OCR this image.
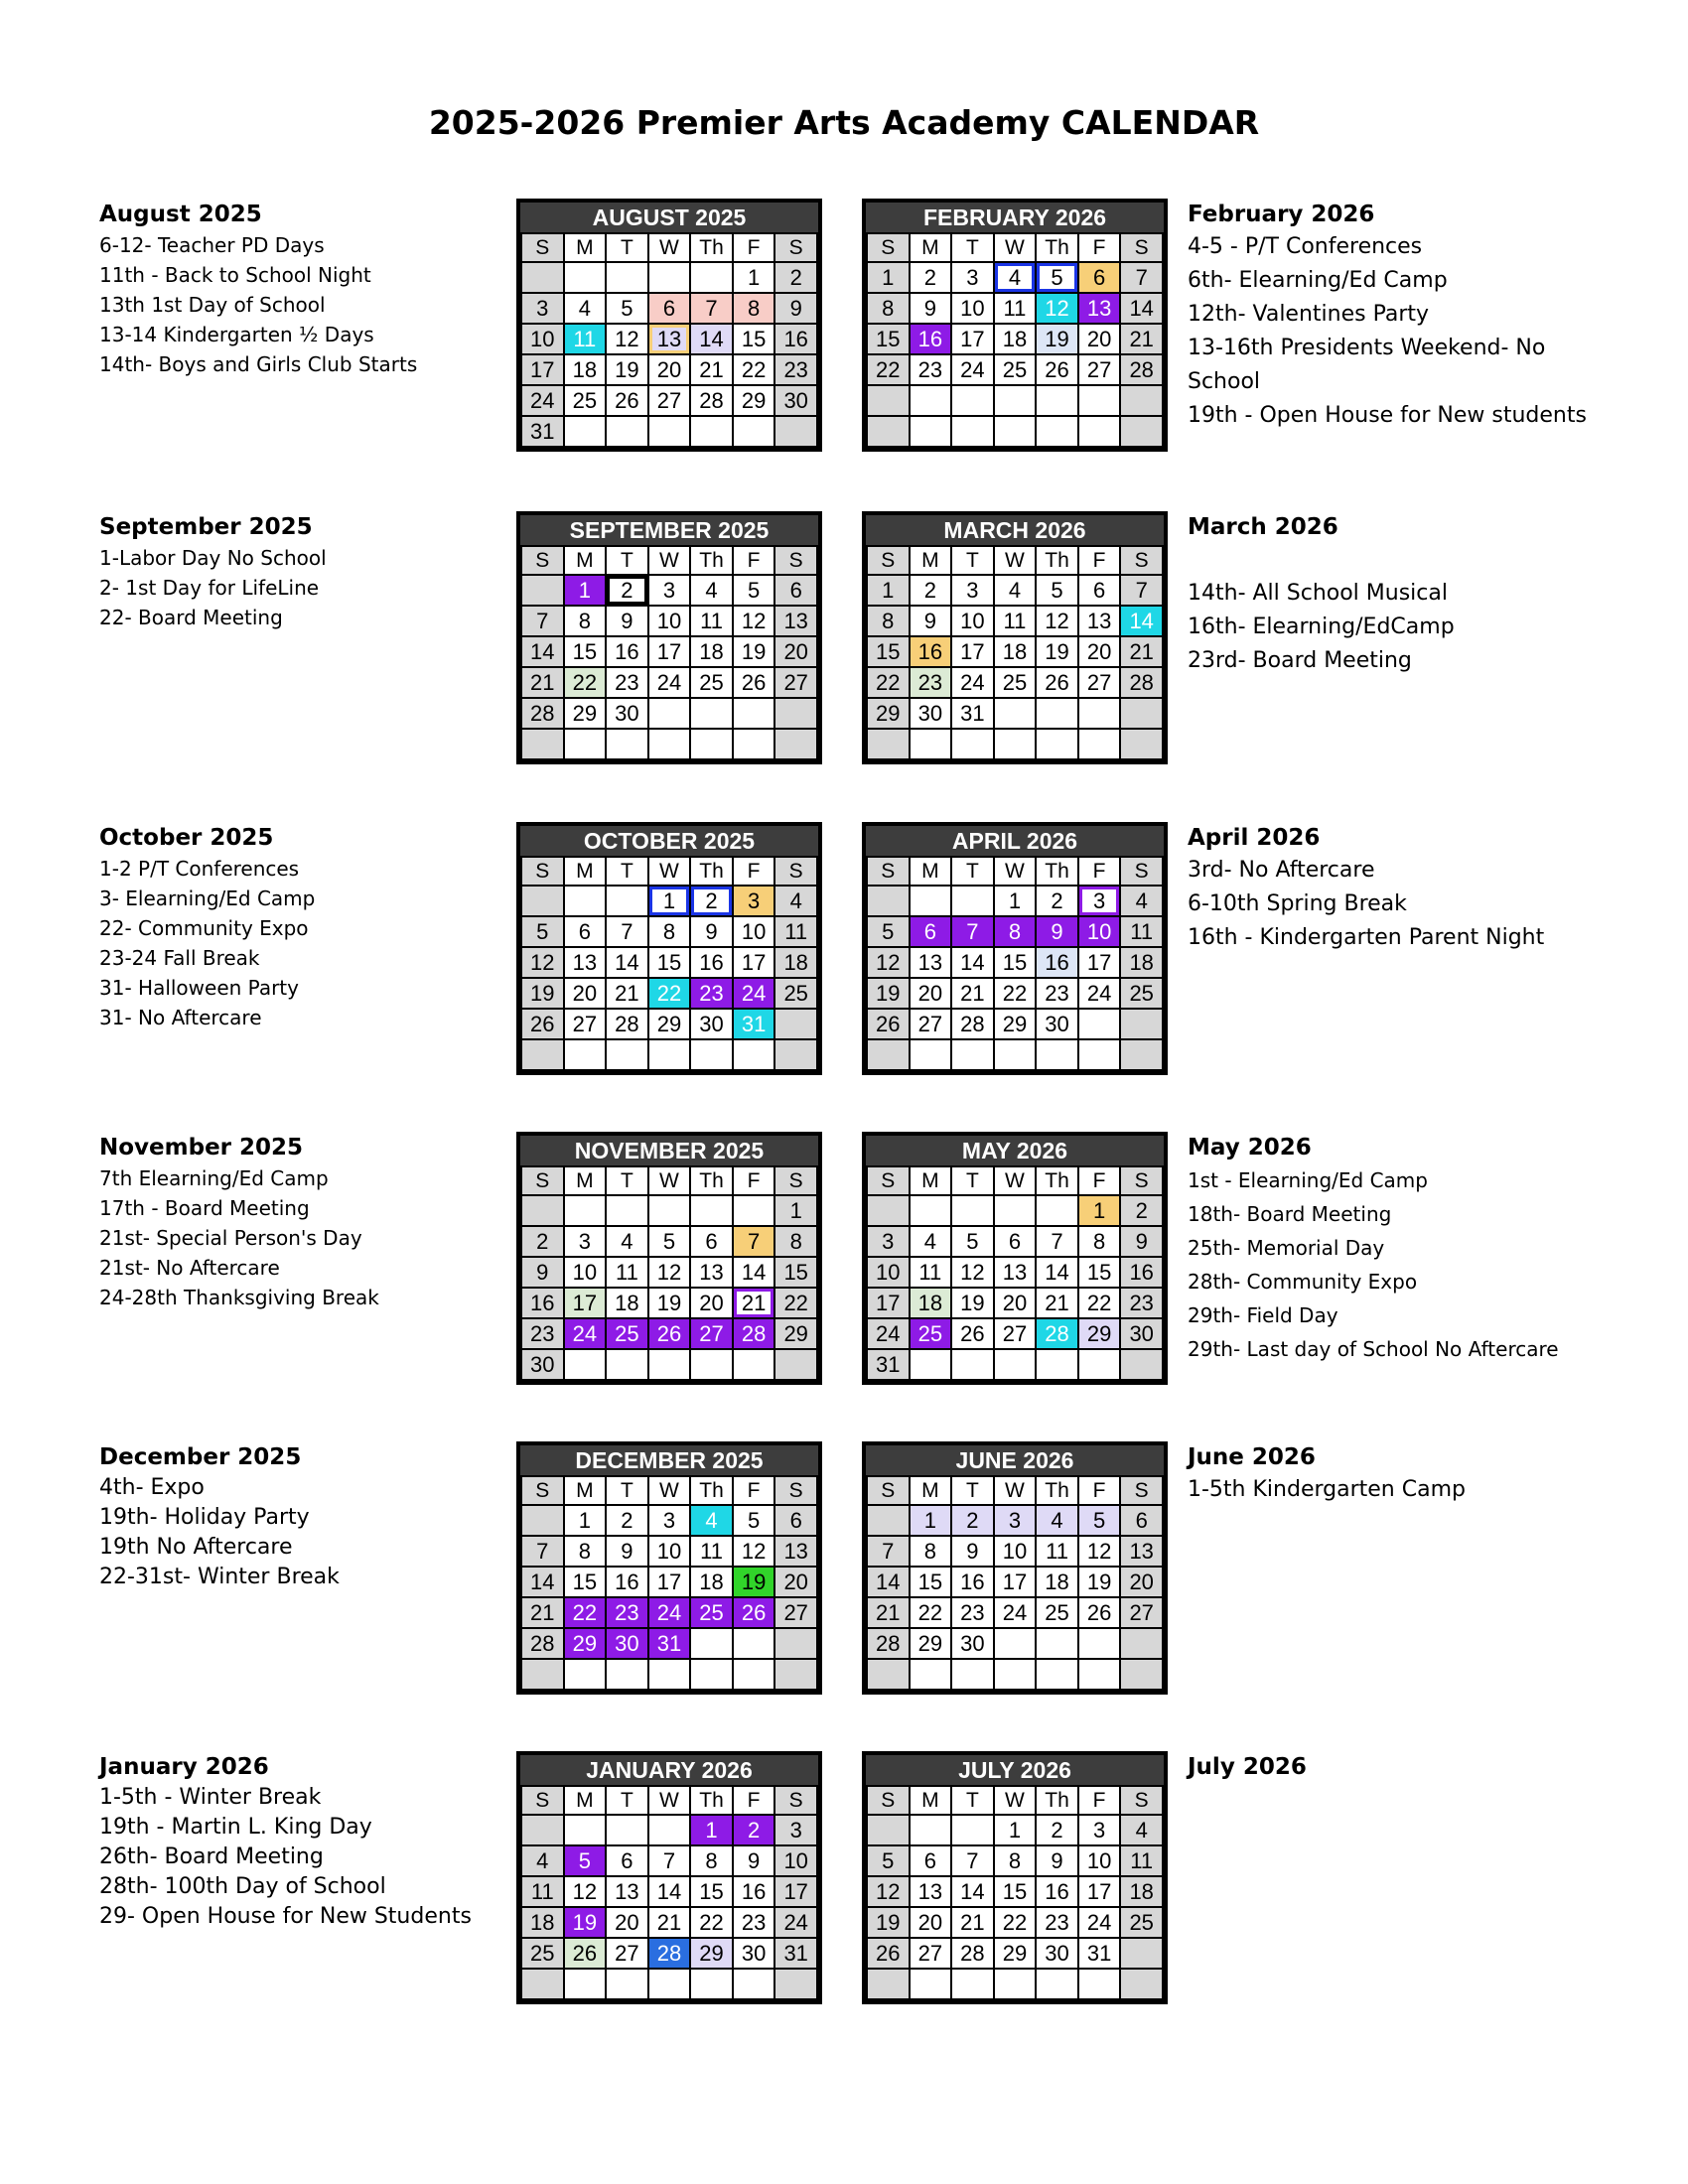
2025-2026 Premier Arts Academy CALENDAR
August 2025
6-12- Teacher PD Days
11th - Back to School Night
13th 1st Day of School
13-14 Kindergarten ½ Days
14th- Boys and Girls Club Starts
September 2025
1-Labor Day No School
2- 1st Day for LifeLine
22- Board Meeting
October 2025
1-2 P/T Conferences
3- Elearning/Ed Camp
22- Community Expo
23-24 Fall Break
31- Halloween Party
31- No Aftercare
November 2025
7th Elearning/Ed Camp
17th - Board Meeting
21st- Special Person's Day
21st- No Aftercare
24-28th Thanksgiving Break
December 2025
4th- Expo
19th- Holiday Party
19th No Aftercare
22-31st- Winter Break
January 2026
1-5th - Winter Break
19th - Martin L. King Day
26th- Board Meeting
28th- 100th Day of School
29- Open House for New Students
February 2026
4-5 - P/T Conferences
6th- Elearning/Ed Camp
12th- Valentines Party
13-16th Presidents Weekend- No School
19th - Open House for New students
March 2026

14th- All School Musical
16th- Elearning/EdCamp
23rd- Board Meeting
April 2026
3rd- No Aftercare
6-10th Spring Break
16th - Kindergarten Parent Night
May 2026
1st - Elearning/Ed Camp
18th- Board Meeting
25th- Memorial Day
28th- Community Expo
29th- Field Day
29th- Last day of School No Aftercare
June 2026
1-5th Kindergarten Camp
July 2026
AUGUST 2025
S	M	T	W	Th	F	S
					1	2
3	4	5	6	7	8	9
10	11	12	13	14	15	16
17	18	19	20	21	22	23
24	25	26	27	28	29	30
31						
FEBRUARY 2026
S	M	T	W	Th	F	S
1	2	3	4	5	6	7
8	9	10	11	12	13	14
15	16	17	18	19	20	21
22	23	24	25	26	27	28

SEPTEMBER 2025
S	M	T	W	Th	F	S
	1	2	3	4	5	6
7	8	9	10	11	12	13
14	15	16	17	18	19	20
21	22	23	24	25	26	27
28	29	30				

MARCH 2026
S	M	T	W	Th	F	S
1	2	3	4	5	6	7
8	9	10	11	12	13	14
15	16	17	18	19	20	21
22	23	24	25	26	27	28
29	30	31				

OCTOBER 2025
S	M	T	W	Th	F	S
			1	2	3	4
5	6	7	8	9	10	11
12	13	14	15	16	17	18
19	20	21	22	23	24	25
26	27	28	29	30	31	

APRIL 2026
S	M	T	W	Th	F	S
			1	2	3	4
5	6	7	8	9	10	11
12	13	14	15	16	17	18
19	20	21	22	23	24	25
26	27	28	29	30		

NOVEMBER 2025
S	M	T	W	Th	F	S
						1
2	3	4	5	6	7	8
9	10	11	12	13	14	15
16	17	18	19	20	21	22
23	24	25	26	27	28	29
30						
MAY 2026
S	M	T	W	Th	F	S
					1	2
3	4	5	6	7	8	9
10	11	12	13	14	15	16
17	18	19	20	21	22	23
24	25	26	27	28	29	30
31						
DECEMBER 2025
S	M	T	W	Th	F	S
	1	2	3	4	5	6
7	8	9	10	11	12	13
14	15	16	17	18	19	20
21	22	23	24	25	26	27
28	29	30	31			

JUNE 2026
S	M	T	W	Th	F	S
	1	2	3	4	5	6
7	8	9	10	11	12	13
14	15	16	17	18	19	20
21	22	23	24	25	26	27
28	29	30				

JANUARY 2026
S	M	T	W	Th	F	S
				1	2	3
4	5	6	7	8	9	10
11	12	13	14	15	16	17
18	19	20	21	22	23	24
25	26	27	28	29	30	31

JULY 2026
S	M	T	W	Th	F	S
			1	2	3	4
5	6	7	8	9	10	11
12	13	14	15	16	17	18
19	20	21	22	23	24	25
26	27	28	29	30	31	
